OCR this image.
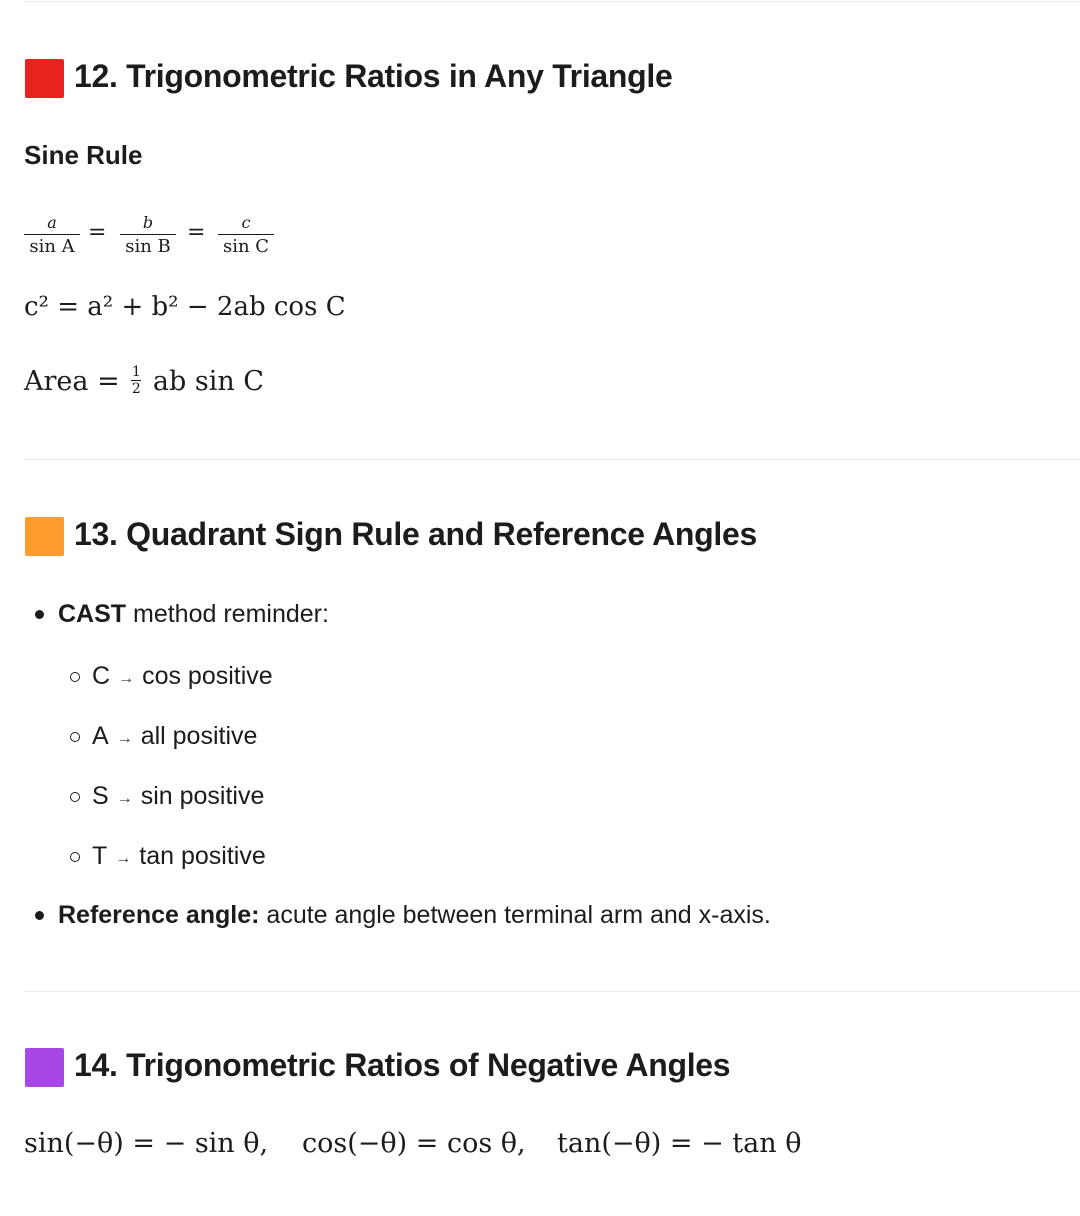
12. Trigonometric Ratios in Any Triangle
Sine Rule
a
sin A
=	b
sin B
=	c
sin C
c² = a² + b² − 2ab cos C
Area = $\frac{1}{2}$ ab sin C
13. Quadrant Sign Rule and Reference Angles
CAST method reminder:
C → cos positive
A → all positive
S → sin positive
T → tan positive
Reference angle: acute angle between terminal arm and x-axis.
14. Trigonometric Ratios of Negative Angles
sin(−θ) = − sin θ, cos(−θ) = cos θ, tan(−θ) = − tan θ
